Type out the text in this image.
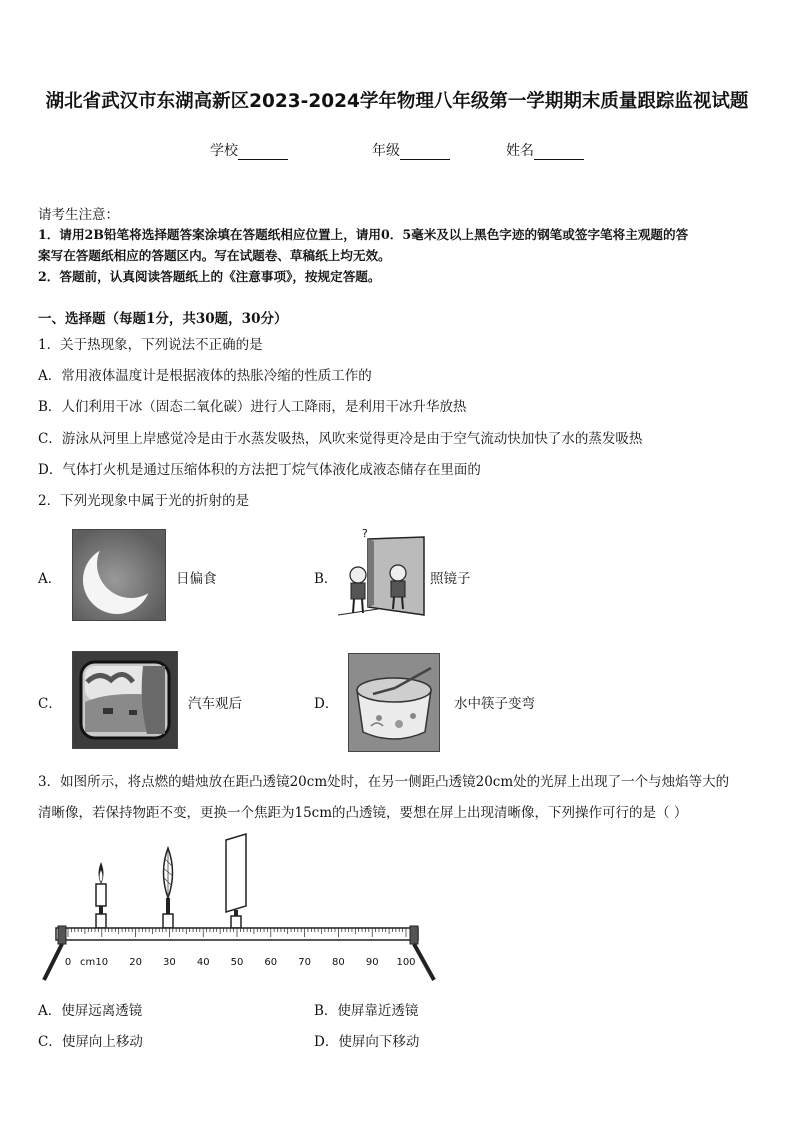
湖北省武汉市东湖高新区2023-2024学年物理八年级第一学期期末质量跟踪监视试题
学校	年级	姓名
请考生注意：
1．请用2B铅笔将选择题答案涂填在答题纸相应位置上，请用0．5毫米及以上黑色字迹的钢笔或签字笔将主观题的答
案写在答题纸相应的答题区内。写在试题卷、草稿纸上均无效。
2．答题前，认真阅读答题纸上的《注意事项》，按规定答题。
一、选择题（每题1分，共30题，30分）
1．关于热现象，下列说法不正确的是
A．常用液体温度计是根据液体的热胀冷缩的性质工作的
B．人们利用干冰（固态二氧化碳）进行人工降雨，是利用干冰升华放热
C．游泳从河里上岸感觉冷是由于水蒸发吸热，风吹来觉得更冷是由于空气流动快加快了水的蒸发吸热
D．气体打火机是通过压缩体积的方法把丁烷气体液化成液态储存在里面的
2．下列光现象中属于光的折射的是
A．	日偏食	B．
?
照镜子
C．	汽车观后	D．	水中筷子变弯
3．如图所示，将点燃的蜡烛放在距凸透镜20cm处时，在另一侧距凸透镜20cm处的光屏上出现了一个与烛焰等大的
清晰像，若保持物距不变，更换一个焦距为15cm的凸透镜，要想在屏上出现清晰像，下列操作可行的是（ ）
0 10 20 30 40 50 60 70 80 90 100
cm
A．使屏远离透镜	B．使屏靠近透镜
C．使屏向上移动	D．使屏向下移动
